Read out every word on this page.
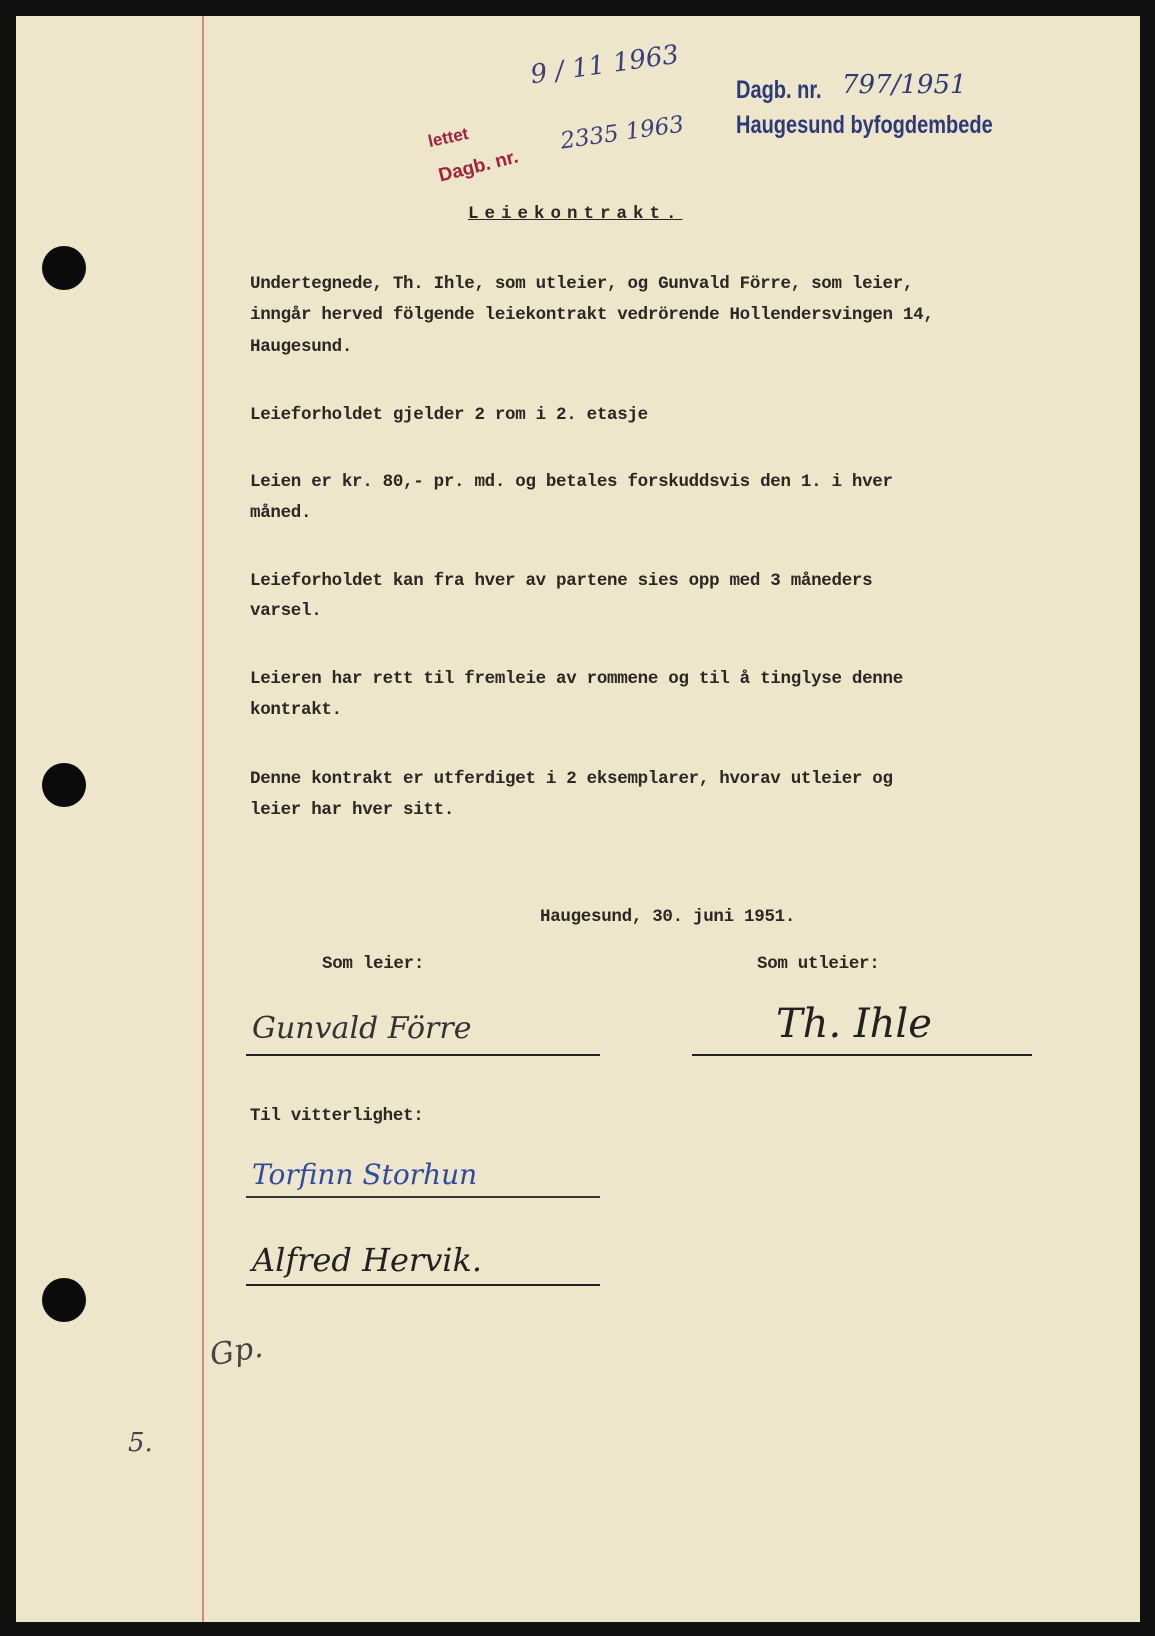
lettet
9 / 11 1963
Dagb. nr.
2335 1963
Dagb. nr. 797/1951
Haugesund byfogdembede
Leiekontrakt.
Undertegnede, Th. Ihle, som utleier, og Gunvald Förre, som leier,
inngår herved fölgende leiekontrakt vedrörende Hollendersvingen 14,
Haugesund.
Leieforholdet gjelder 2 rom i 2. etasje
Leien er kr. 80,- pr. md. og betales forskuddsvis den 1. i hver
måned.
Leieforholdet kan fra hver av partene sies opp med 3 måneders
varsel.
Leieren har rett til fremleie av rommene og til å tinglyse denne
kontrakt.
Denne kontrakt er utferdiget i 2 eksemplarer, hvorav utleier og
leier har hver sitt.
Haugesund, 30. juni 1951.
Som leier:	Som utleier:
Gunvald Förre	Th. Ihle
Til vitterlighet:
Torfinn Storhun
Alfred Hervik.
Gp.
5.
